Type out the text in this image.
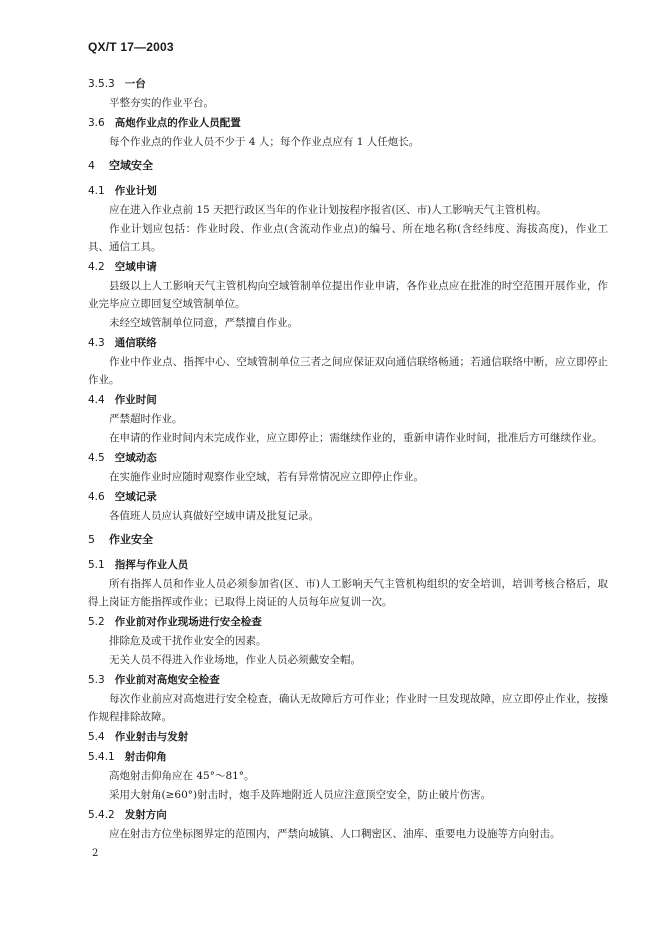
QX/T 17—2003
3.5.3 一台

平整夯实的作业平台。

3.6 高炮作业点的作业人员配置

每个作业点的作业人员不少于 4 人；每个作业点应有 1 人任炮长。

4 空域安全
4.1 作业计划

应在进入作业点前 15 天把行政区当年的作业计划按程序报省(区、市)人工影响天气主管机构。

作业计划应包括：作业时段、作业点(含流动作业点)的编号、所在地名称(含经纬度、海拔高度)，作业工具、通信工具。

4.2 空域申请

县级以上人工影响天气主管机构向空域管制单位提出作业申请，各作业点应在批准的时空范围开展作业，作业完毕应立即回复空域管制单位。

未经空域管制单位同意，严禁擅自作业。

4.3 通信联络

作业中作业点、指挥中心、空域管制单位三者之间应保证双向通信联络畅通；若通信联络中断，应立即停止作业。

4.4 作业时间

严禁超时作业。

在申请的作业时间内未完成作业，应立即停止；需继续作业的，重新申请作业时间，批准后方可继续作业。

4.5 空域动态

在实施作业时应随时观察作业空域，若有异常情况应立即停止作业。

4.6 空域记录

各值班人员应认真做好空域申请及批复记录。

5 作业安全
5.1 指挥与作业人员

所有指挥人员和作业人员必须参加省(区、市)人工影响天气主管机构组织的安全培训，培训考核合格后，取得上岗证方能指挥或作业；已取得上岗证的人员每年应复训一次。

5.2 作业前对作业现场进行安全检查

排除危及或干扰作业安全的因素。

无关人员不得进入作业场地，作业人员必须戴安全帽。

5.3 作业前对高炮安全检查

每次作业前应对高炮进行安全检查，确认无故障后方可作业；作业时一旦发现故障，应立即停止作业，按操作规程排除故障。

5.4 作业射击与发射
5.4.1 射击仰角

高炮射击仰角应在 45°～81°。

采用大射角(≥60°)射击时，炮手及阵地附近人员应注意顶空安全，防止破片伤害。

5.4.2 发射方向

应在射击方位坐标图界定的范围内，严禁向城镇、人口稠密区、油库、重要电力设施等方向射击。

2
